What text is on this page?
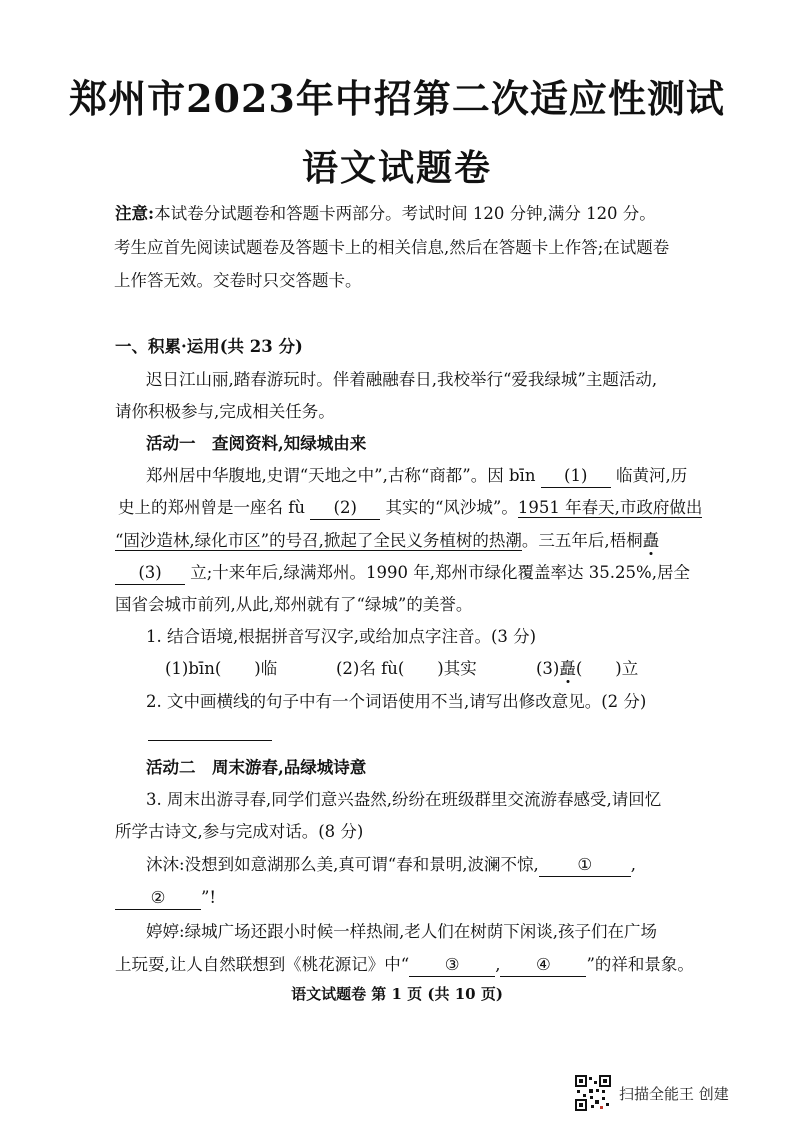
郑州市2023年中招第二次适应性测试
语文试题卷
注意:本试卷分试题卷和答题卡两部分。考试时间 120 分钟,满分 120 分。
考生应首先阅读试题卷及答题卡上的相关信息,然后在答题卡上作答;在试题卷
上作答无效。交卷时只交答题卡。
一、积累·运用(共 23 分)
迟日江山丽,踏春游玩时。伴着融融春日,我校举行“爱我绿城”主题活动,
请你积极参与,完成相关任务。
活动一　查阅资料,知绿城由来
郑州居中华腹地,史谓“天地之中”,古称“商都”。因 bīn (1) 临黄河,历
史上的郑州曾是一座名 fù (2) 其实的“风沙城”。1951 年春天,市政府做出
“固沙造林,绿化市区”的号召,掀起了全民义务植树的热潮。三五年后,梧桐矗
(3) 立;十来年后,绿满郑州。1990 年,郑州市绿化覆盖率达 35.25%,居全
国省会城市前列,从此,郑州就有了“绿城”的美誉。
1. 结合语境,根据拼音写汉字,或给加点字注音。(3 分)
(1)bīn(　　)临	(2)名 fù(　　)其实	(3)矗(　　)立
2. 文中画横线的句子中有一个词语使用不当,请写出修改意见。(2 分)
活动二　周末游春,品绿城诗意
3. 周末出游寻春,同学们意兴盎然,纷纷在班级群里交流游春感受,请回忆
所学古诗文,参与完成对话。(8 分)
沐沐:没想到如意湖那么美,真可谓“春和景明,波澜不惊, ① ,
② ”!
婷婷:绿城广场还跟小时候一样热闹,老人们在树荫下闲谈,孩子们在广场
上玩耍,让人自然联想到《桃花源记》中“ ③ , ④ ”的祥和景象。
语文试题卷 第 1 页 (共 10 页)
扫描全能王 创建
